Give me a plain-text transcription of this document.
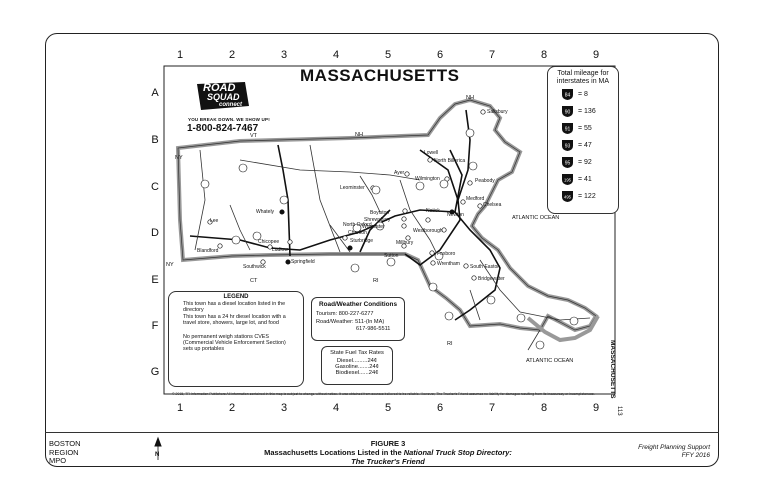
1	2	3	4	5	6	7	8	9
1	2	3	4	5	6	7	8	9
A
B
C
D
E
F
G
MASSACHUSETTS
ROAD
SQUAD
connect
YOU BREAK DOWN. WE SHOW UP!
1-800-824-7467
Total mileage for
interstates in MA
84 = 8
90 = 136
91 = 55
93 = 47
95 = 92
195 = 41
495 = 122
LEGEND
This town has a diesel location listed in the directory
This town has a 24 hr diesel location with a travel store, showers, large lot, and food
No permanent weigh stations CVES (Commercial Vehicle Enforcement Section) sets up portables
Road/Weather Conditions
Tourism: 800-227-6277
Road/Weather: 511-(In MA)
617-986-5511
State Fuel Tax Rates
Diesel.........24¢
Gasoline.......24¢
Biodiesel......24¢
© 2015, TR Information Publishers All information contained in this map is subject to change without notice. It was obtained from sources believed to be reliable. However, The Trucker's Friend assumes no liability for damages resulting from its inaccuracy or incompleteness. MASSACHUSETTS
113
VT	NH
NH
NY
NY
CT	RI
RI
ATLANTIC OCEAN
ATLANTIC OCEAN
Salisbury
Lowell
North Billerica
Peabody
Wilmington
Ayer
Leominster
Medford
Chelsea
Boylston
Shrewsbury
Worcester
Newton
Natick
Westborough
North Oxford
Charlton
Sturbridge	Millbury
Sutton	Foxboro
Wrentham South Easton
Bridgewater
Whately
Lee
Blandford
Chicopee
Ludlow
Southwick
Springfield
BOSTON
REGION
MPO
N
FIGURE 3
Massachusetts Locations Listed in the National Truck Stop Directory:
The Trucker's Friend
Freight Planning Support
FFY 2016
